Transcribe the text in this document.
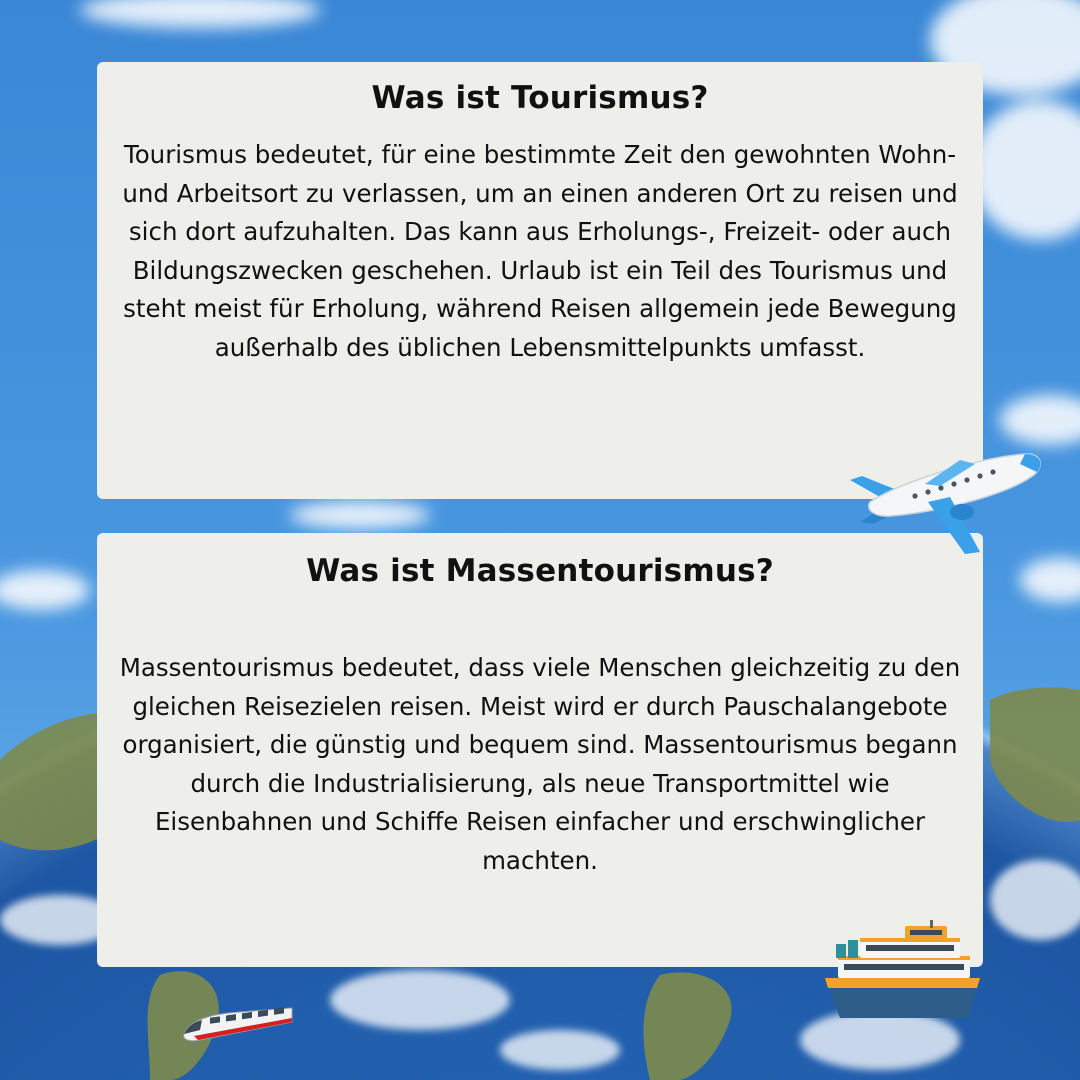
Was ist Tourismus?

Tourismus bedeutet, für eine bestimmte Zeit den gewohnten Wohn- und Arbeitsort zu verlassen, um an einen anderen Ort zu reisen und sich dort aufzuhalten. Das kann aus Erholungs-, Freizeit- oder auch Bildungszwecken geschehen. Urlaub ist ein Teil des Tourismus und steht meist für Erholung, während Reisen allgemein jede Bewegung außerhalb des üblichen Lebensmittelpunkts umfasst.

Was ist Massentourismus?

Massentourismus bedeutet, dass viele Menschen gleichzeitig zu den gleichen Reisezielen reisen. Meist wird er durch Pauschalangebote organisiert, die günstig und bequem sind. Massentourismus begann durch die Industrialisierung, als neue Transportmittel wie Eisenbahnen und Schiffe Reisen einfacher und erschwinglicher machten.
